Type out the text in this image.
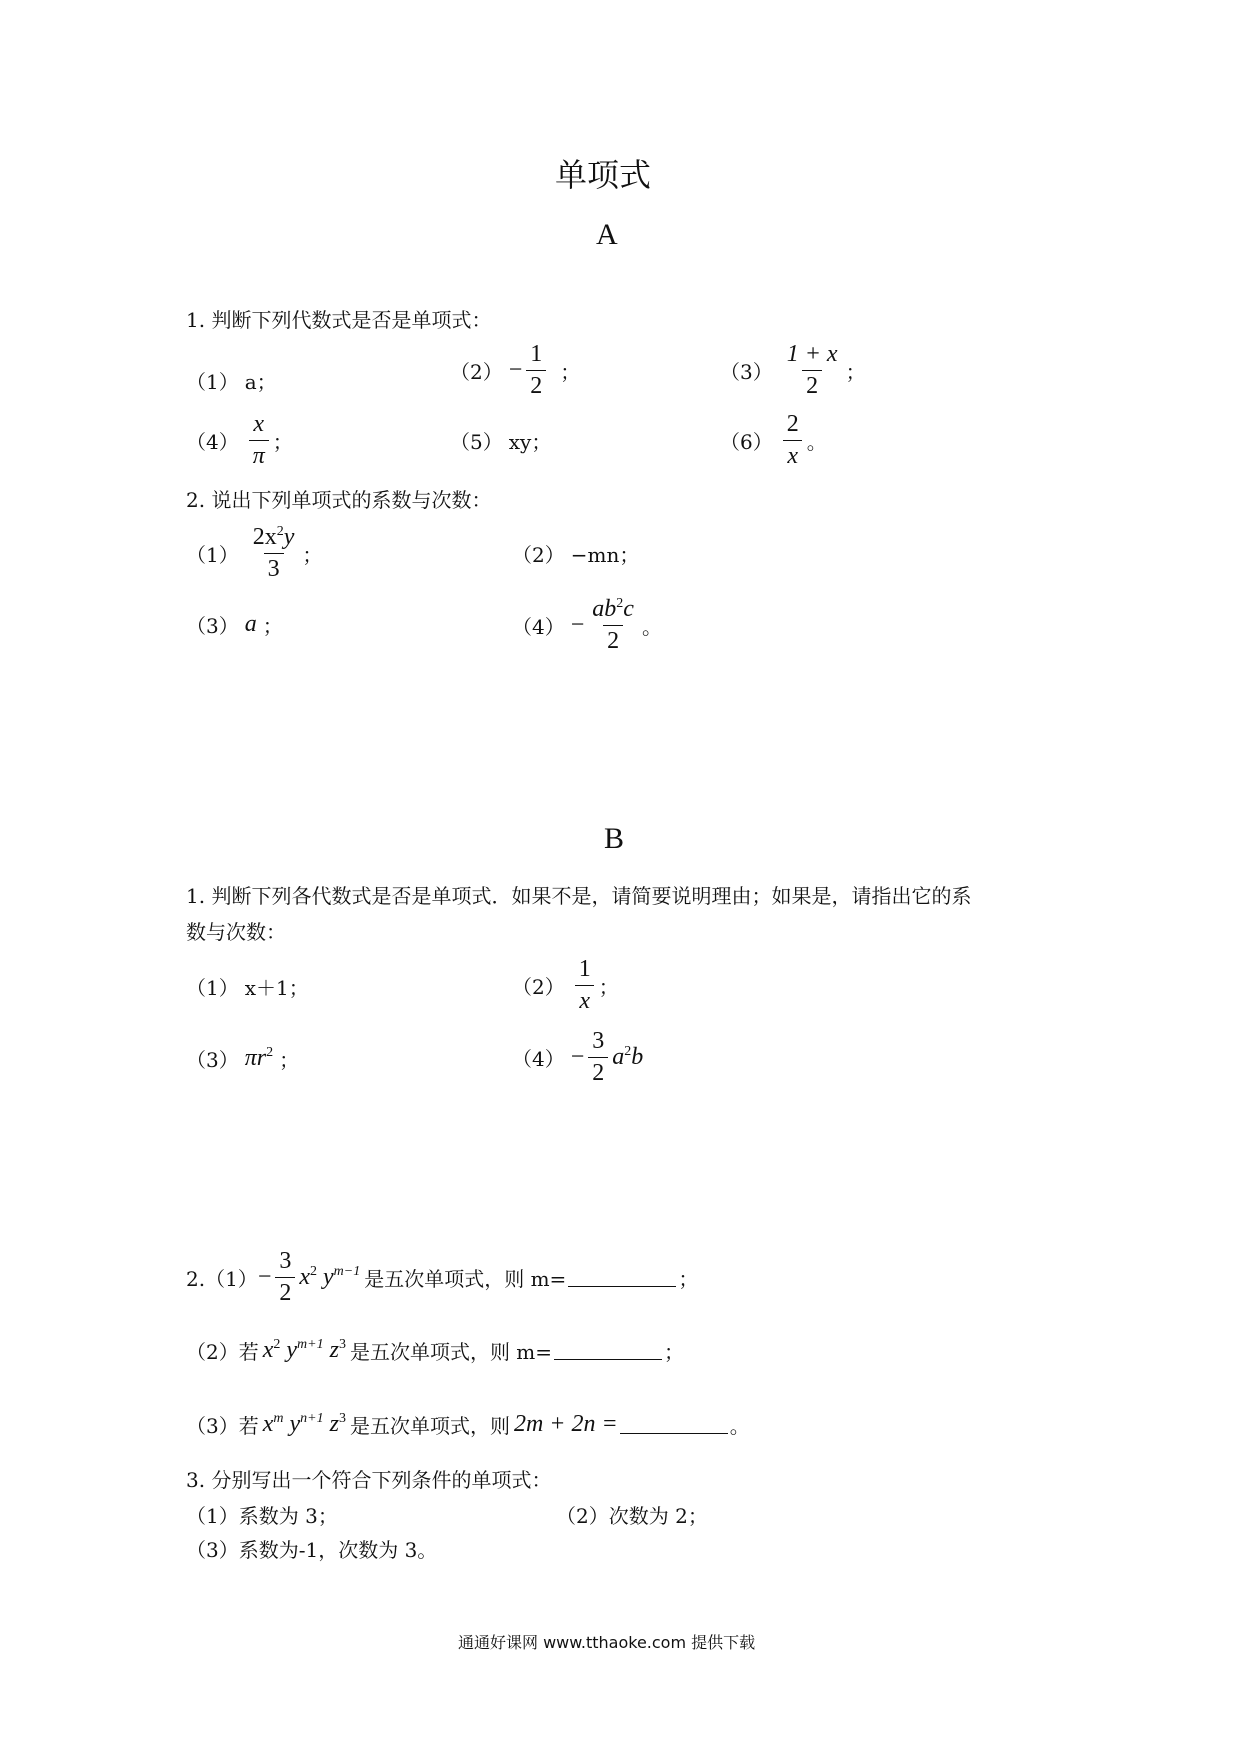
单项式
A
1. 判断下列代数式是否是单项式：
（1） a；	$(2) - \frac{1}{2}$ ；	$(3) \frac{1 + x}{2}$ ；
$(4) \frac{x}{\pi}$ ；	（5） xy；	$(6) \frac{2}{x}$ 。
2. 说出下列单项式的系数与次数：
$(1) \frac{2x^2y}{3}$ ；	（2） −mn；
（3） a ；	$(4) - \frac{ab^2c}{2}$ 。
B
1. 判断下列各代数式是否是单项式．如果不是，请简要说明理由；如果是，请指出它的系
数与次数：
（1） x＋1；	$(2) \frac{1}{x}$ ；
（3） $\pi r^2$ ；	$(4) - \frac{3}{2} a^2b$
$2.(1) - \frac{3}{2} x^2$ $y^{m-1}$ 是五次单项式，则 m=	；
（2）若 $x^2$ $y^{m+1}$ $z^3$ 是五次单项式，则 m=	；
（3）若 $x^m$ $y^{n+1}$ $z^3$ 是五次单项式，则 2m + 2n =	。
3. 分别写出一个符合下列条件的单项式：
（1）系数为 3；	（2）次数为 2；
（3）系数为-1，次数为 3。
通通好课网 www.tthaoke.com 提供下载
